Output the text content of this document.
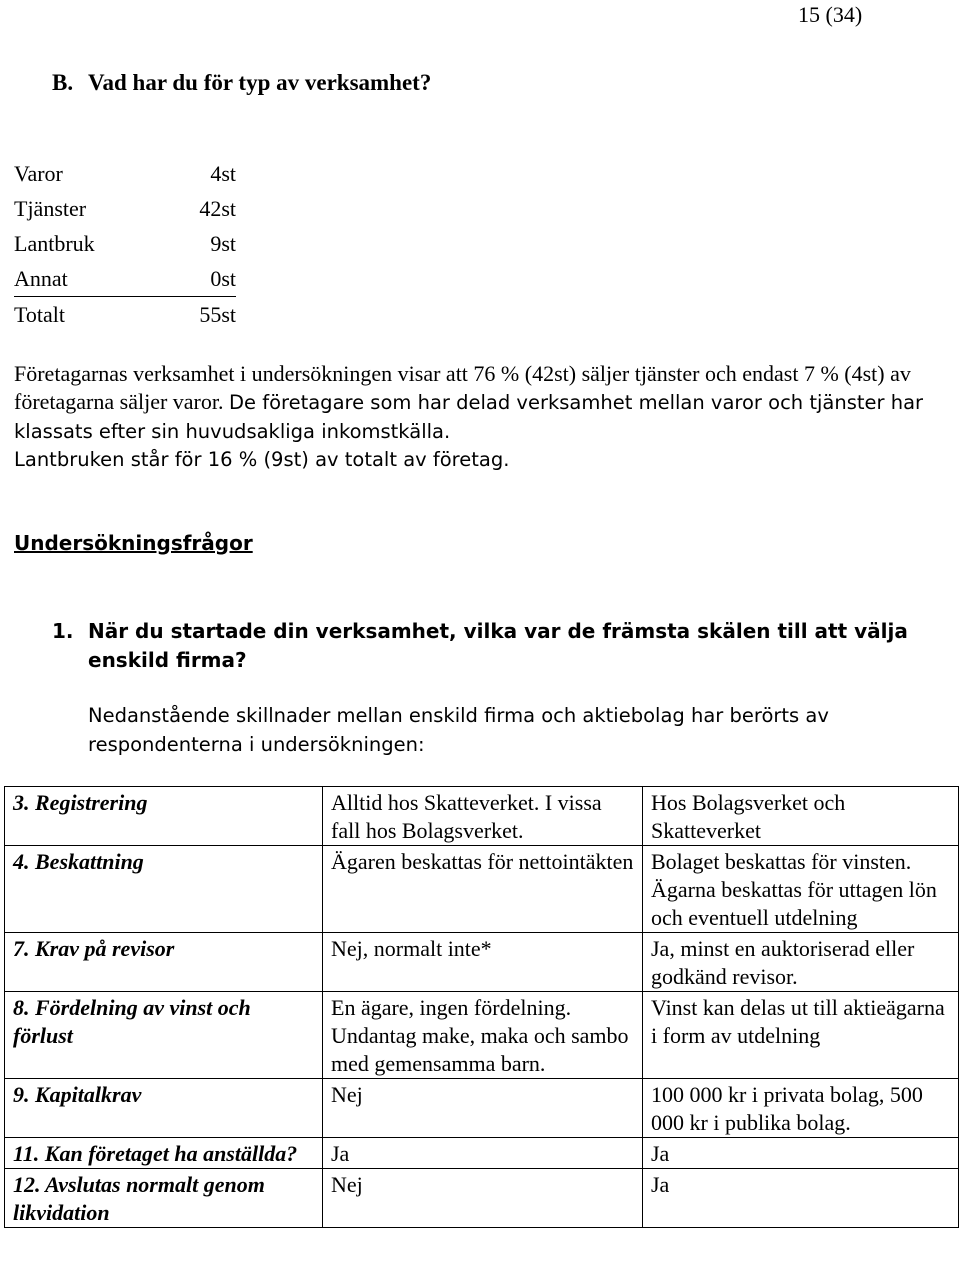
15 (34)
B. Vad har du för typ av verksamhet?
Varor	4st
Tjänster	42st
Lantbruk	9st
Annat	0st
Totalt	55st

Företagarnas verksamhet i undersökningen visar att 76 % (42st) säljer tjänster och endast 7 % (4st) av företagarna säljer varor. De företagare som har delad verksamhet mellan varor och tjänster har klassats efter sin huvudsakliga inkomstkälla.

Lantbruken står för 16 % (9st) av totalt av företag.

Undersökningsfrågor
1. När du startade din verksamhet, vilka var de främsta skälen till att välja enskild firma?
Nedanstående skillnader mellan enskild firma och aktiebolag har berörts av respondenterna i undersökningen:
3. Registrering	Alltid hos Skatteverket. I vissa fall hos Bolagsverket.	Hos Bolagsverket och Skatteverket
4. Beskattning	Ägaren beskattas för nettointäkten	Bolaget beskattas för vinsten. Ägarna beskattas för uttagen lön och eventuell utdelning
7. Krav på revisor	Nej, normalt inte*	Ja, minst en auktoriserad eller godkänd revisor.
8. Fördelning av vinst och förlust	En ägare, ingen fördelning. Undantag make, maka och sambo med gemensamma barn.	Vinst kan delas ut till aktieägarna i form av utdelning
9. Kapitalkrav	Nej	100 000 kr i privata bolag, 500 000 kr i publika bolag.
11. Kan företaget ha anställda?	Ja	Ja
12. Avslutas normalt genom likvidation	Nej	Ja
